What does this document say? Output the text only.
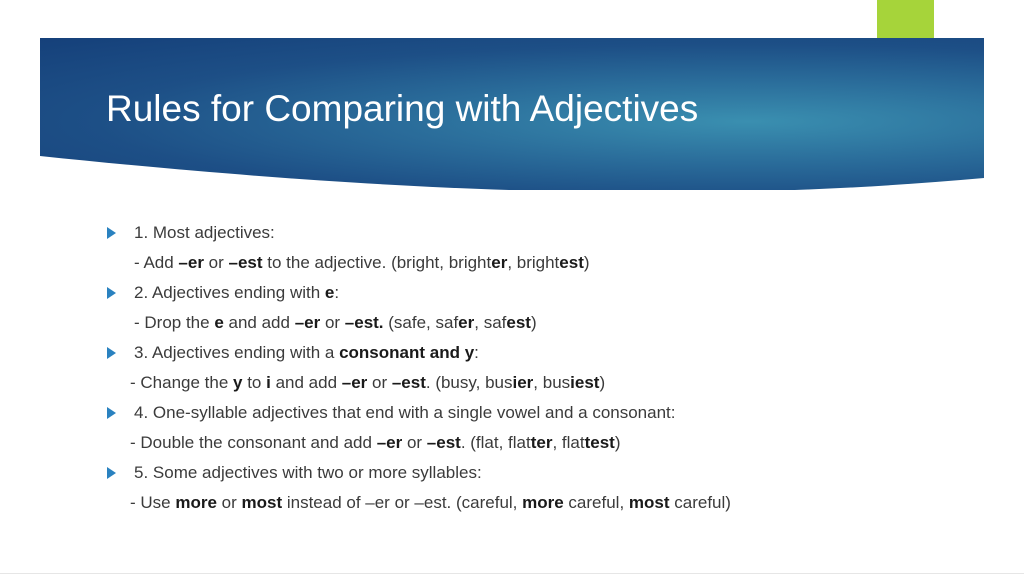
Rules for Comparing with Adjectives
1. Most adjectives:
- Add –er or –est to the adjective. (bright, brighter, brightest)
2. Adjectives ending with e:
- Drop the e and add –er or –est. (safe, safer, safest)
3. Adjectives ending with a consonant and y:
- Change the y to i and add –er or –est. (busy, busier, busiest)
4. One-syllable adjectives that end with a single vowel and a consonant:
- Double the consonant and add –er or –est. (flat, flatter, flattest)
5. Some adjectives with two or more syllables:
- Use more or most instead of –er or –est. (careful, more careful, most careful)
